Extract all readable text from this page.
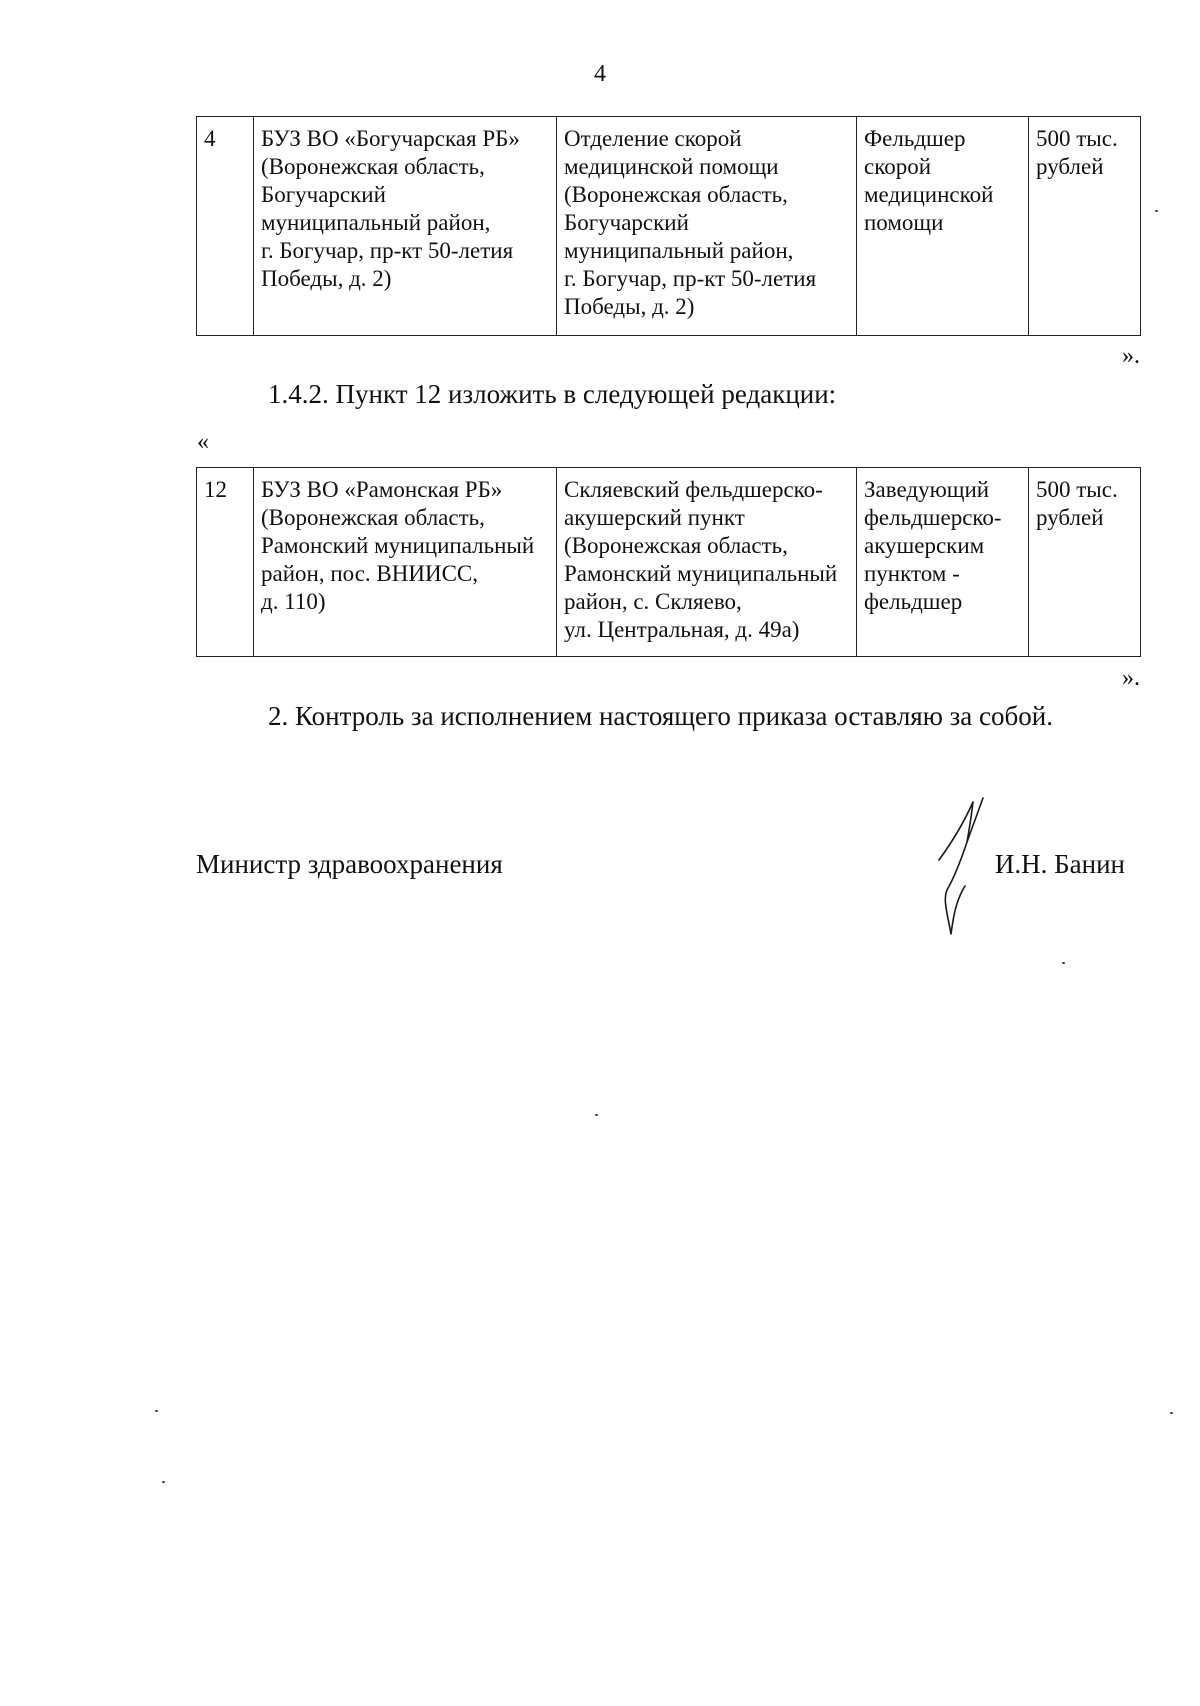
4
4	БУЗ ВО «Богучарская РБ»
(Воронежская область,
Богучарский
муниципальный район,
г. Богучар, пр-кт 50-летия
Победы, д. 2)	Отделение скорой
медицинской помощи
(Воронежская область,
Богучарский
муниципальный район,
г. Богучар, пр-кт 50-летия
Победы, д. 2)	Фельдшер
скорой
медицинской
помощи	500 тыс.
рублей
».
1.4.2. Пункт 12 изложить в следующей редакции:
«
12	БУЗ ВО «Рамонская РБ»
(Воронежская область,
Рамонский муниципальный
район, пос. ВНИИСС,
д. 110)	Скляевский фельдшерско-
акушерский пункт
(Воронежская область,
Рамонский муниципальный
район, с. Скляево,
ул. Центральная, д. 49а)	Заведующий
фельдшерско-
акушерским
пунктом -
фельдшер	500 тыс.
рублей
».
2. Контроль за исполнением настоящего приказа оставляю за собой.
Министр здравоохранения	И.Н. Банин
